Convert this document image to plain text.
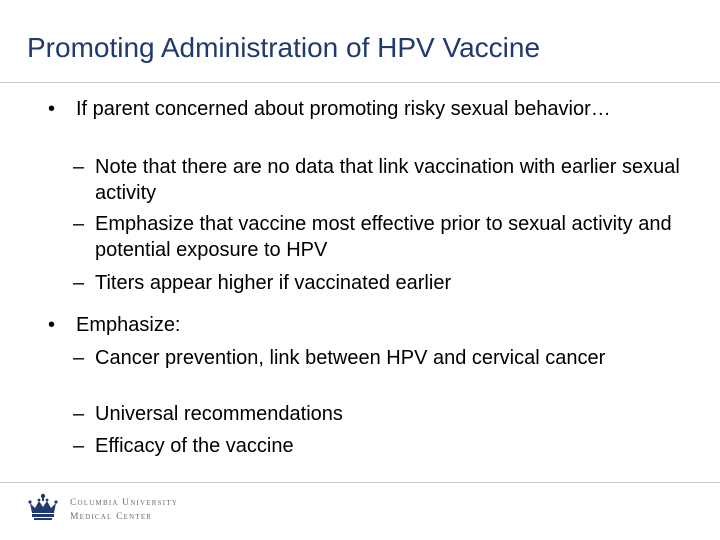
Promoting Administration of HPV Vaccine
• If parent concerned about promoting risky sexual behavior…
– Note that there are no data that link vaccination with earlier sexual activity
– Emphasize that vaccine most effective prior to sexual activity and potential exposure to HPV
– Titers appear higher if vaccinated earlier
• Emphasize:
– Cancer prevention, link between HPV and cervical cancer
– Universal recommendations
– Efficacy of the vaccine
Columbia University
Medical Center
